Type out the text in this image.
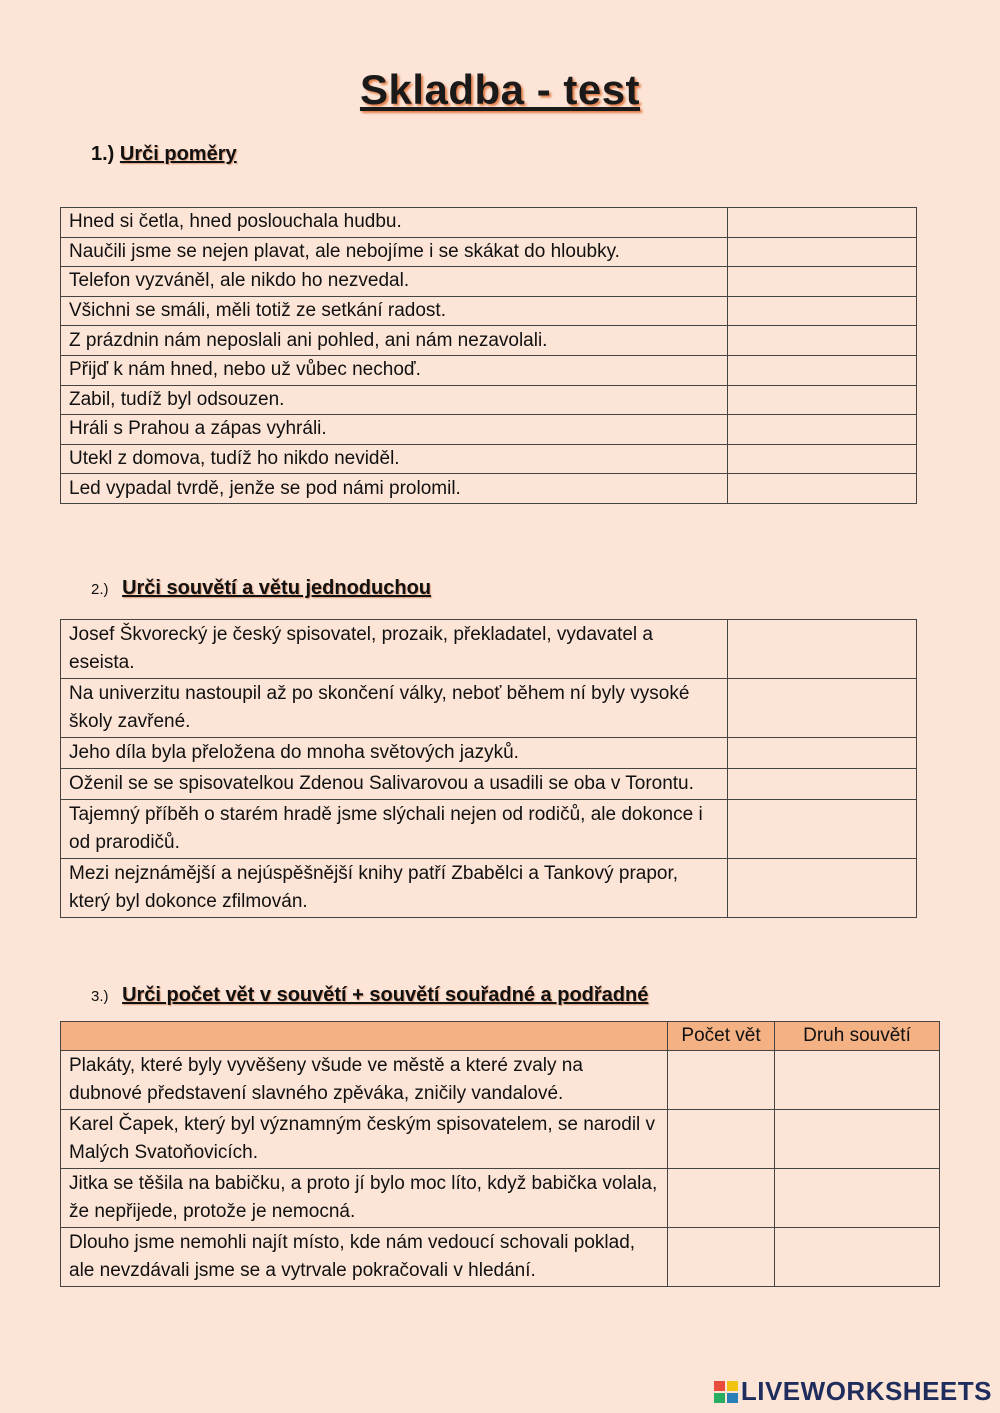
Skladba - test
1.) Urči poměry
Hned si četla, hned poslouchala hudbu.	
Naučili jsme se nejen plavat, ale nebojíme i se skákat do hloubky.	
Telefon vyzváněl, ale nikdo ho nezvedal.	
Všichni se smáli, měli totiž ze setkání radost.	
Z prázdnin nám neposlali ani pohled, ani nám nezavolali.	
Přijď k nám hned, nebo už vůbec nechoď.	
Zabil, tudíž byl odsouzen.	
Hráli s Prahou a zápas vyhráli.	
Utekl z domova, tudíž ho nikdo neviděl.	
Led vypadal tvrdě, jenže se pod námi prolomil.	
2.) Urči souvětí a větu jednoduchou
Josef Škvorecký je český spisovatel, prozaik, překladatel, vydavatel a eseista.	
Na univerzitu nastoupil až po skončení války, neboť během ní byly vysoké školy zavřené.	
Jeho díla byla přeložena do mnoha světových jazyků.	
Oženil se se spisovatelkou Zdenou Salivarovou a usadili se oba v Torontu.	
Tajemný příběh o starém hradě jsme slýchali nejen od rodičů, ale dokonce i od prarodičů.	
Mezi nejznámější a nejúspěšnější knihy patří Zbabělci a Tankový prapor, který byl dokonce zfilmován.	
3.) Urči počet vět v souvětí + souvětí souřadné a podřadné
	Počet vět	Druh souvětí
Plakáty, které byly vyvěšeny všude ve městě a které zvaly na dubnové představení slavného zpěváka, zničily vandalové.		
Karel Čapek, který byl významným českým spisovatelem, se narodil v Malých Svatoňovicích.		
Jitka se těšila na babičku, a proto jí bylo moc líto, když babička volala, že nepřijede, protože je nemocná.		
Dlouho jsme nemohli najít místo, kde nám vedoucí schovali poklad, ale nevzdávali jsme se a vytrvale pokračovali v hledání.		
LIVEWORKSHEETS
